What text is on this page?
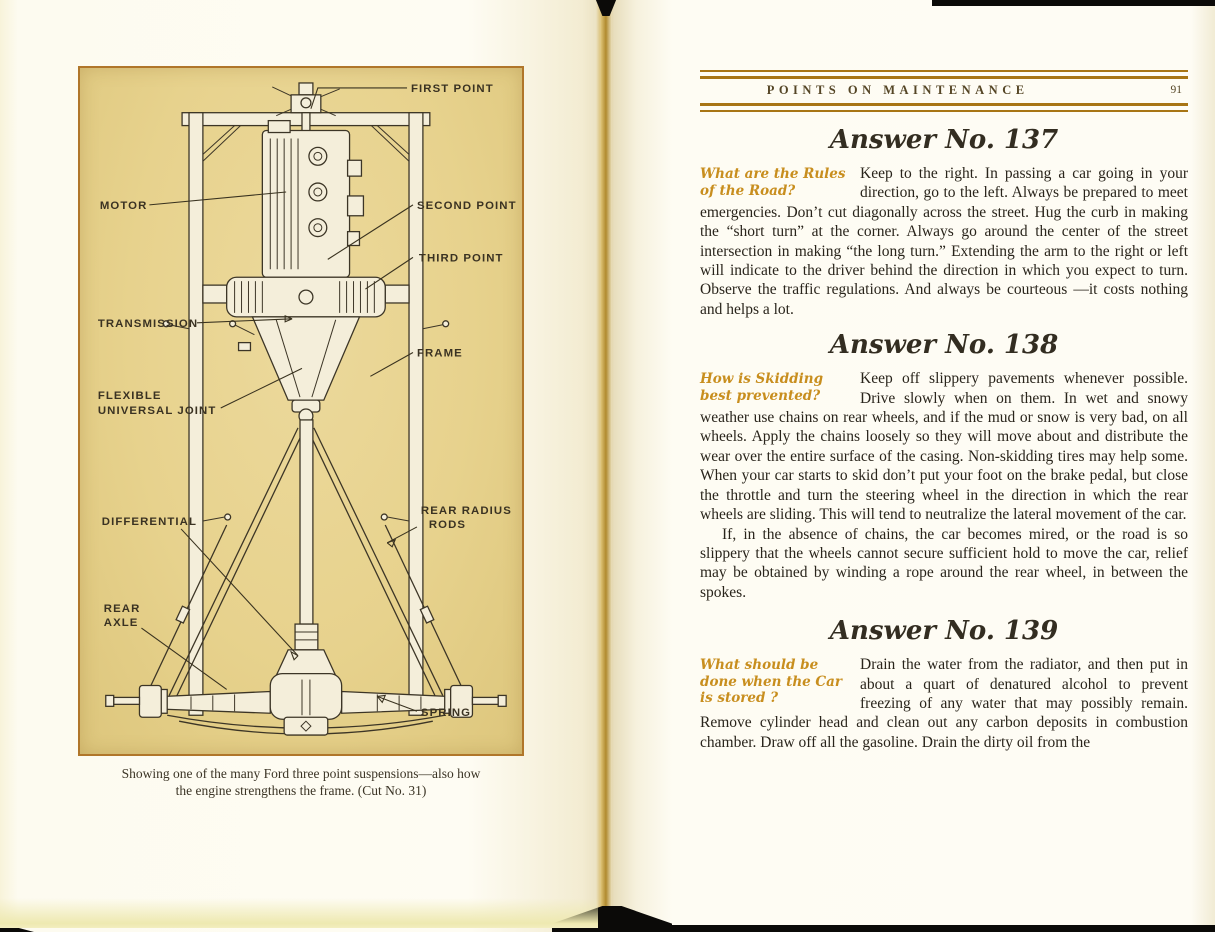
FIRST POINT
MOTOR	SECOND POINT
THIRD POINT
TRANSMISSION
FRAME
FLEXIBLE
UNIVERSAL JOINT
DIFFERENTIAL
REAR RADIUS
RODS
REAR
AXLE
SPRING
Showing one of the many Ford three point suspensions—also how
the engine strengthens the frame. (Cut No. 31)
POINTS ON MAINTENANCE	91
Answer No. 137
What are the Rules of the Road?

Keep to the right. In passing a car going in your direction, go to the left. Always be prepared to meet emergencies. Don’t cut diagonally across the street. Hug the curb in making the “short turn” at the corner. Always go around the center of the street intersection in making “the long turn.” Extending the arm to the right or left will indicate to the driver behind the direction in which you expect to turn. Observe the traffic regulations. And always be courteous —it costs nothing and helps a lot.

Answer No. 138
How is Skidding best prevented?

Keep off slippery pavements whenever possible. Drive slowly when on them. In wet and snowy weather use chains on rear wheels, and if the mud or snow is very bad, on all wheels. Apply the chains loosely so they will move about and distribute the wear over the entire surface of the casing. Non-skidding tires may help some. When your car starts to skid don’t put your foot on the brake pedal, but close the throttle and turn the steering wheel in the direction in which the rear wheels are sliding. This will tend to neutralize the lateral movement of the car.

If, in the absence of chains, the car becomes mired, or the road is so slippery that the wheels cannot secure sufficient hold to move the car, relief may be obtained by winding a rope around the rear wheel, in between the spokes.

Answer No. 139
What should be done when the Car is stored ?

Drain the water from the radiator, and then put in about a quart of denatured alcohol to prevent freezing of any water that may possibly remain. Remove cylinder head and clean out any carbon deposits in combustion chamber. Draw off all the gasoline. Drain the dirty oil from the
